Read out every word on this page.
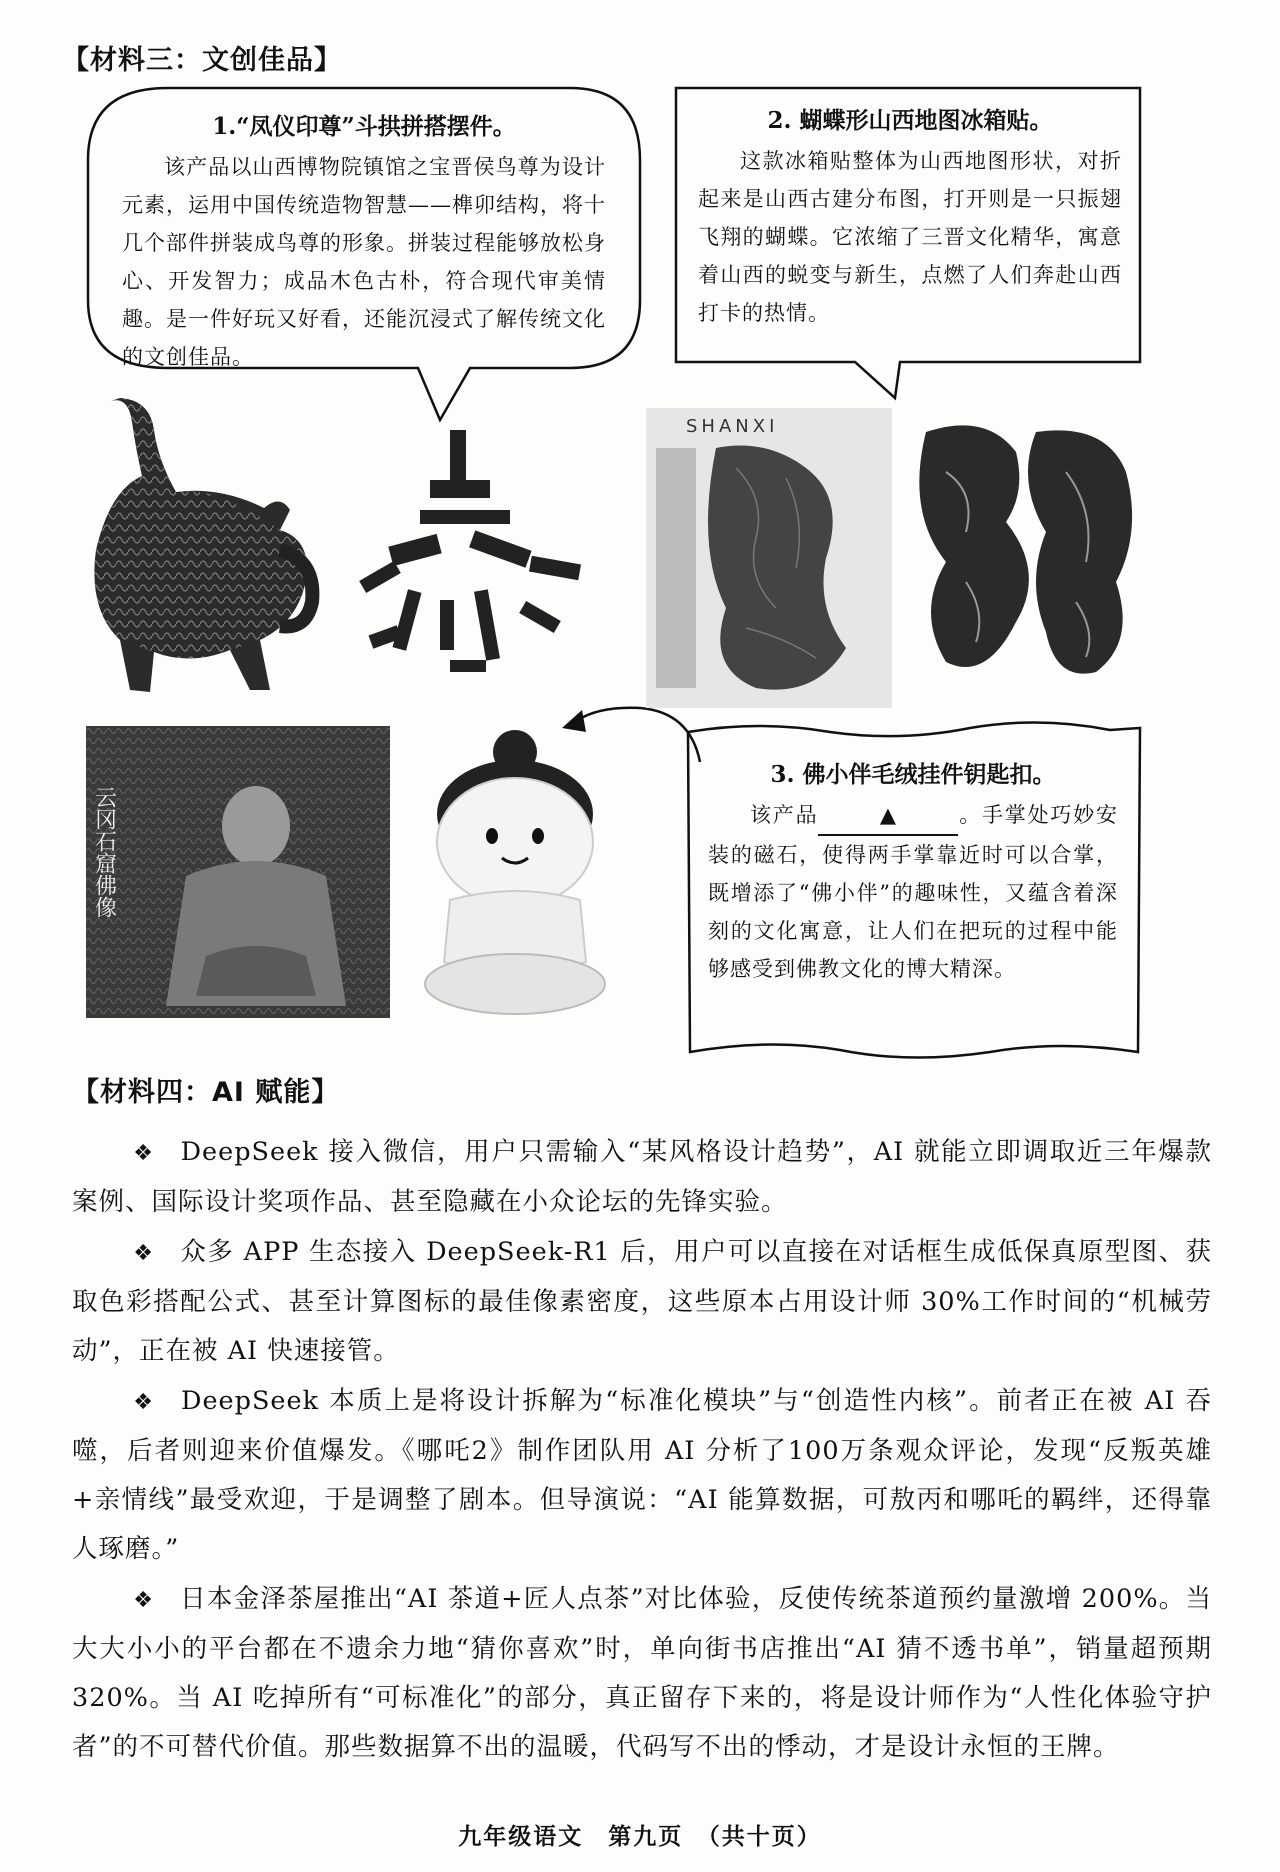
【材料三：文创佳品】
1.“凤仪印尊”斗拱拼搭摆件。
该产品以山西博物院镇馆之宝晋侯鸟尊为设计元素，运用中国传统造物智慧——榫卯结构，将十几个部件拼装成鸟尊的形象。拼装过程能够放松身心、开发智力；成品木色古朴，符合现代审美情趣。是一件好玩又好看，还能沉浸式了解传统文化的文创佳品。
2. 蝴蝶形山西地图冰箱贴。
这款冰箱贴整体为山西地图形状，对折起来是山西古建分布图，打开则是一只振翅飞翔的蝴蝶。它浓缩了三晋文化精华，寓意着山西的蜕变与新生，点燃了人们奔赴山西打卡的热情。
3. 佛小伴毛绒挂件钥匙扣。
该产品	▲	。手掌处巧妙安装的磁石，使得两手掌靠近时可以合掌，既增添了“佛小伴”的趣味性，又蕴含着深刻的文化寓意，让人们在把玩的过程中能够感受到佛教文化的博大精深。
SHANXI
云冈石窟佛像
【材料四：AI 赋能】

❖ DeepSeek 接入微信，用户只需输入“某风格设计趋势”，AI 就能立即调取近三年爆款案例、国际设计奖项作品、甚至隐藏在小众论坛的先锋实验。

❖ 众多 APP 生态接入 DeepSeek-R1 后，用户可以直接在对话框生成低保真原型图、获取色彩搭配公式、甚至计算图标的最佳像素密度，这些原本占用设计师 30%工作时间的“机械劳动”，正在被 AI 快速接管。

❖ DeepSeek 本质上是将设计拆解为“标准化模块”与“创造性内核”。前者正在被 AI 吞噬，后者则迎来价值爆发。《哪吒2》制作团队用 AI 分析了100万条观众评论，发现“反叛英雄+亲情线”最受欢迎，于是调整了剧本。但导演说：“AI 能算数据，可敖丙和哪吒的羁绊，还得靠人琢磨。”

❖ 日本金泽茶屋推出“AI 茶道+匠人点茶”对比体验，反使传统茶道预约量激增 200%。当大大小小的平台都在不遗余力地“猜你喜欢”时，单向街书店推出“AI 猜不透书单”，销量超预期320%。当 AI 吃掉所有“可标准化”的部分，真正留存下来的，将是设计师作为“人性化体验守护者”的不可替代价值。那些数据算不出的温暖，代码写不出的悸动，才是设计永恒的王牌。

九年级语文　第九页　（共十页）
